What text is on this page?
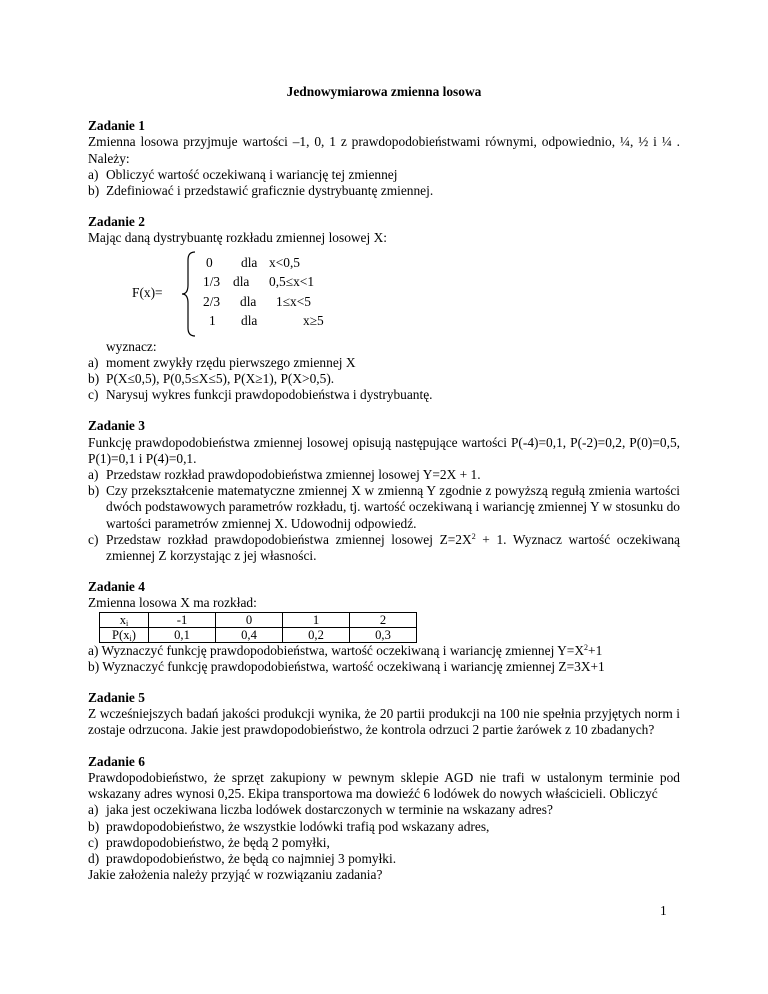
Jednowymiarowa zmienna losowa
Zadanie 1
Zmienna losowa przyjmuje wartości –1, 0, 1 z prawdopodobieństwami równymi, odpowiednio, ¼, ½ i ¼ . Należy:
a) Obliczyć wartość oczekiwaną i wariancję tej zmiennej
b) Zdefiniować i przedstawić graficznie dystrybuantę zmiennej.
Zadanie 2
Mając daną dystrybuantę rozkładu zmiennej losowej X:
F(x)=
0 dla x<0,5
1/3 dla 0,5≤x<1
2/3 dla 1≤x<5
1 dla	x≥5
wyznacz:
a) moment zwykły rzędu pierwszego zmiennej X
b) P(X≤0,5), P(0,5≤X≤5), P(X≥1), P(X>0,5).
c) Narysuj wykres funkcji prawdopodobieństwa i dystrybuantę.
Zadanie 3
Funkcję prawdopodobieństwa zmiennej losowej opisują następujące wartości P(-4)=0,1, P(-2)=0,2, P(0)=0,5, P(1)=0,1 i P(4)=0,1.
a) Przedstaw rozkład prawdopodobieństwa zmiennej losowej Y=2X + 1.
b) Czy przekształcenie matematyczne zmiennej X w zmienną Y zgodnie z powyższą regułą zmienia wartości dwóch podstawowych parametrów rozkładu, tj. wartość oczekiwaną i wariancję zmiennej Y w stosunku do wartości parametrów zmiennej X. Udowodnij odpowiedź.
c) Przedstaw rozkład prawdopodobieństwa zmiennej losowej $Z=2X^2 + 1$. Wyznacz wartość oczekiwaną zmiennej Z korzystając z jej własności.
Zadanie 4
Zmienna losowa X ma rozkład:
$x_i$	-1	0	1	2
$P(x_i)$	0,1	0,4	0,2	0,3
a) Wyznaczyć funkcję prawdopodobieństwa, wartość oczekiwaną i wariancję zmiennej $Y=X^2+1$
b) Wyznaczyć funkcję prawdopodobieństwa, wartość oczekiwaną i wariancję zmiennej Z=3X+1
Zadanie 5
Z wcześniejszych badań jakości produkcji wynika, że 20 partii produkcji na 100 nie spełnia przyjętych norm i zostaje odrzucona. Jakie jest prawdopodobieństwo, że kontrola odrzuci 2 partie żarówek z 10 zbadanych?
Zadanie 6
Prawdopodobieństwo, że sprzęt zakupiony w pewnym sklepie AGD nie trafi w ustalonym terminie pod wskazany adres wynosi 0,25. Ekipa transportowa ma dowieźć 6 lodówek do nowych właścicieli. Obliczyć
a) jaka jest oczekiwana liczba lodówek dostarczonych w terminie na wskazany adres?
b) prawdopodobieństwo, że wszystkie lodówki trafią pod wskazany adres,
c) prawdopodobieństwo, że będą 2 pomyłki,
d) prawdopodobieństwo, że będą co najmniej 3 pomyłki.
Jakie założenia należy przyjąć w rozwiązaniu zadania?
1
